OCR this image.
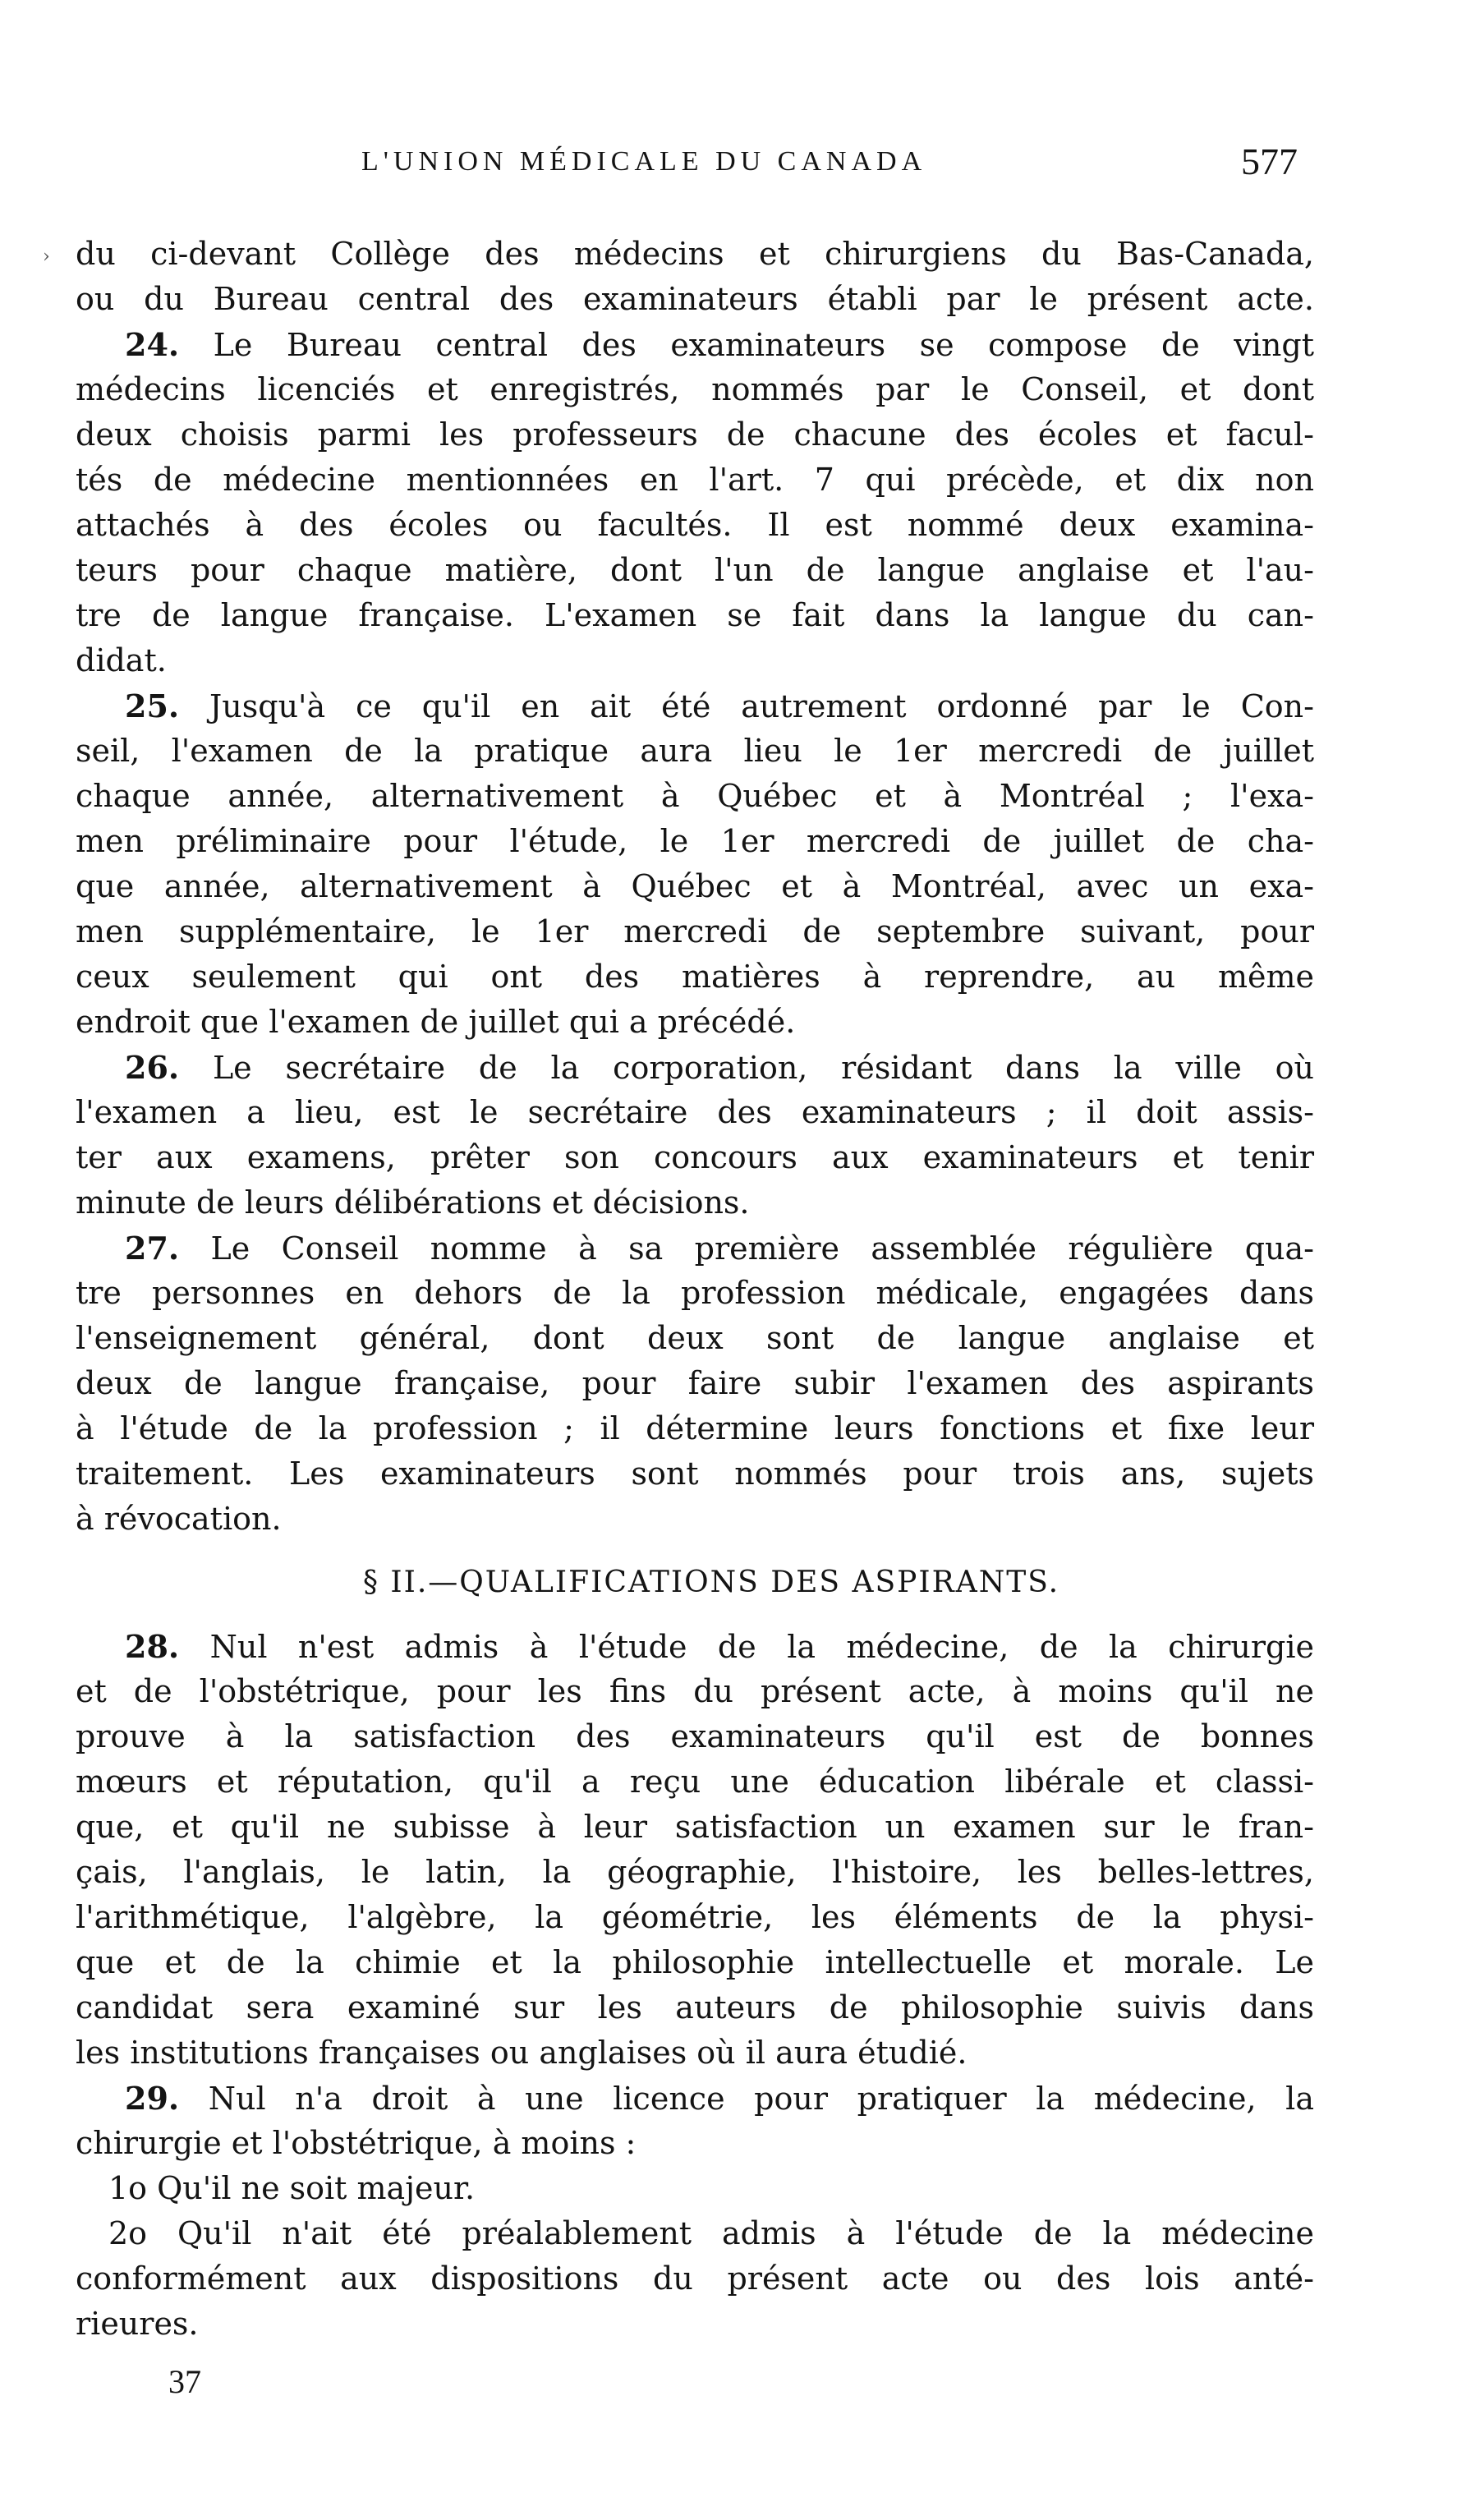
L'UNION MÉDICALE DU CANADA	577
› du ci-devant Collège des médecins et chirurgiens du Bas-Canada,
ou du Bureau central des examinateurs établi par le présent acte.
24. Le Bureau central des examinateurs se compose de vingt
médecins licenciés et enregistrés, nommés par le Conseil, et dont
deux choisis parmi les professeurs de chacune des écoles et facul-
tés de médecine mentionnées en l'art. 7 qui précède, et dix non
attachés à des écoles ou facultés. Il est nommé deux examina-
teurs pour chaque matière, dont l'un de langue anglaise et l'au-
tre de langue française. L'examen se fait dans la langue du can-
didat.
25. Jusqu'à ce qu'il en ait été autrement ordonné par le Con-
seil, l'examen de la pratique aura lieu le 1er mercredi de juillet
chaque année, alternativement à Québec et à Montréal ; l'exa-
men préliminaire pour l'étude, le 1er mercredi de juillet de cha-
que année, alternativement à Québec et à Montréal, avec un exa-
men supplémentaire, le 1er mercredi de septembre suivant, pour
ceux seulement qui ont des matières à reprendre, au même
endroit que l'examen de juillet qui a précédé.
26. Le secrétaire de la corporation, résidant dans la ville où
l'examen a lieu, est le secrétaire des examinateurs ; il doit assis-
ter aux examens, prêter son concours aux examinateurs et tenir
minute de leurs délibérations et décisions.
27. Le Conseil nomme à sa première assemblée régulière qua-
tre personnes en dehors de la profession médicale, engagées dans
l'enseignement général, dont deux sont de langue anglaise et
deux de langue française, pour faire subir l'examen des aspirants
à l'étude de la profession ; il détermine leurs fonctions et fixe leur
traitement. Les examinateurs sont nommés pour trois ans, sujets
à révocation.
§ II.—QUALIFICATIONS DES ASPIRANTS.
28. Nul n'est admis à l'étude de la médecine, de la chirurgie
et de l'obstétrique, pour les fins du présent acte, à moins qu'il ne
prouve à la satisfaction des examinateurs qu'il est de bonnes
mœurs et réputation, qu'il a reçu une éducation libérale et classi-
que, et qu'il ne subisse à leur satisfaction un examen sur le fran-
çais, l'anglais, le latin, la géographie, l'histoire, les belles-lettres,
l'arithmétique, l'algèbre, la géométrie, les éléments de la physi-
que et de la chimie et la philosophie intellectuelle et morale. Le
candidat sera examiné sur les auteurs de philosophie suivis dans
les institutions françaises ou anglaises où il aura étudié.
29. Nul n'a droit à une licence pour pratiquer la médecine, la
chirurgie et l'obstétrique, à moins :
1o Qu'il ne soit majeur.
2o Qu'il n'ait été préalablement admis à l'étude de la médecine
conformément aux dispositions du présent acte ou des lois anté-
rieures.
37
